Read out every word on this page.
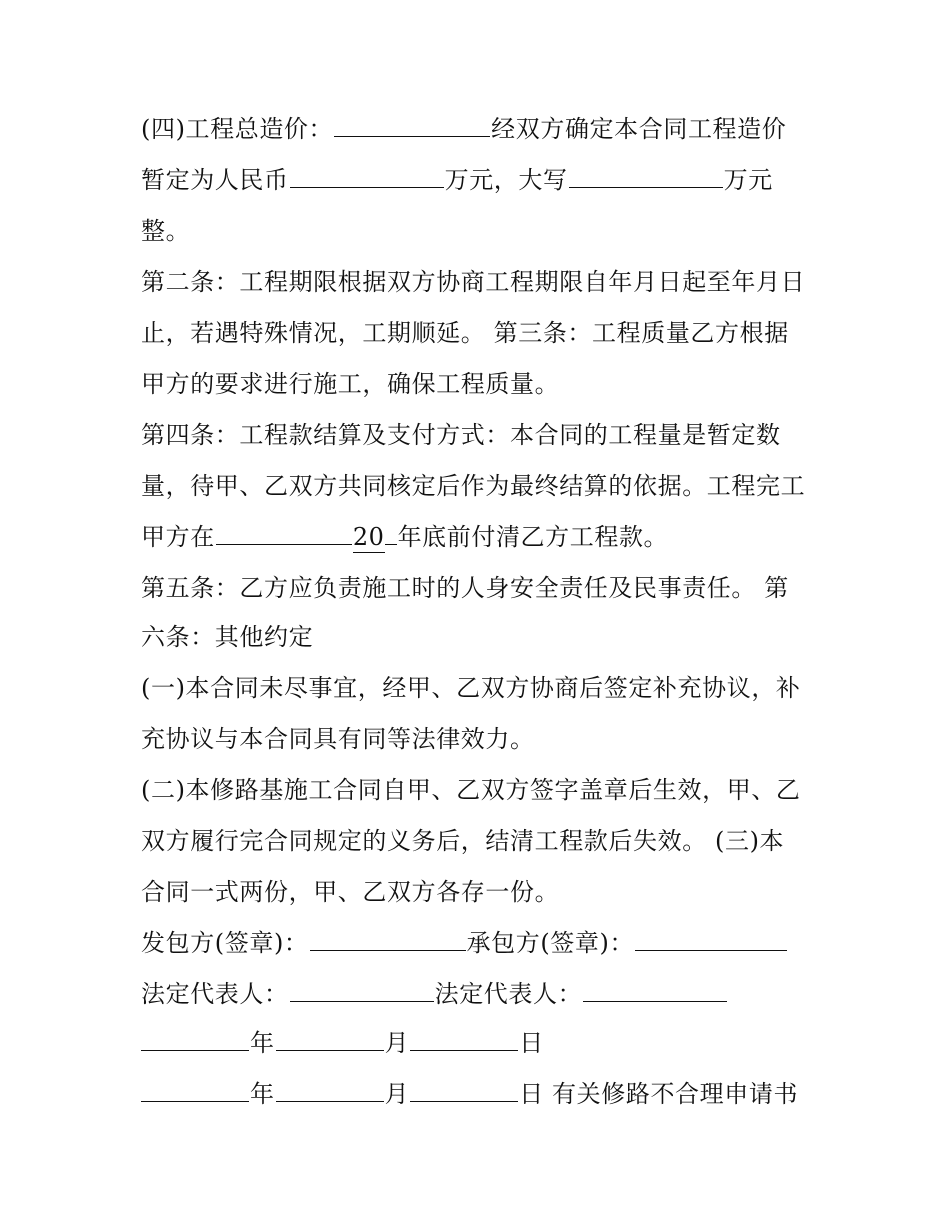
(四)工程总造价：	经双方确定本合同工程造价
暂定为人民币	万元，大写	万元
整。
第二条：工程期限根据双方协商工程期限自年月日起至年月日
止，若遇特殊情况，工期顺延。 第三条：工程质量乙方根据
甲方的要求进行施工，确保工程质量。
第四条：工程款结算及支付方式：本合同的工程量是暂定数
量，待甲、乙双方共同核定后作为最终结算的依据。工程完工
甲方在	20 年底前付清乙方工程款。
第五条：乙方应负责施工时的人身安全责任及民事责任。 第
六条：其他约定
(一)本合同未尽事宜，经甲、乙双方协商后签定补充协议，补
充协议与本合同具有同等法律效力。
(二)本修路基施工合同自甲、乙双方签字盖章后生效，甲、乙
双方履行完合同规定的义务后，结清工程款后失效。 (三)本
合同一式两份，甲、乙双方各存一份。
发包方(签章)：	承包方(签章)：
法定代表人：	法定代表人：
年	月	日
年	月	日 有关修路不合理申请书
